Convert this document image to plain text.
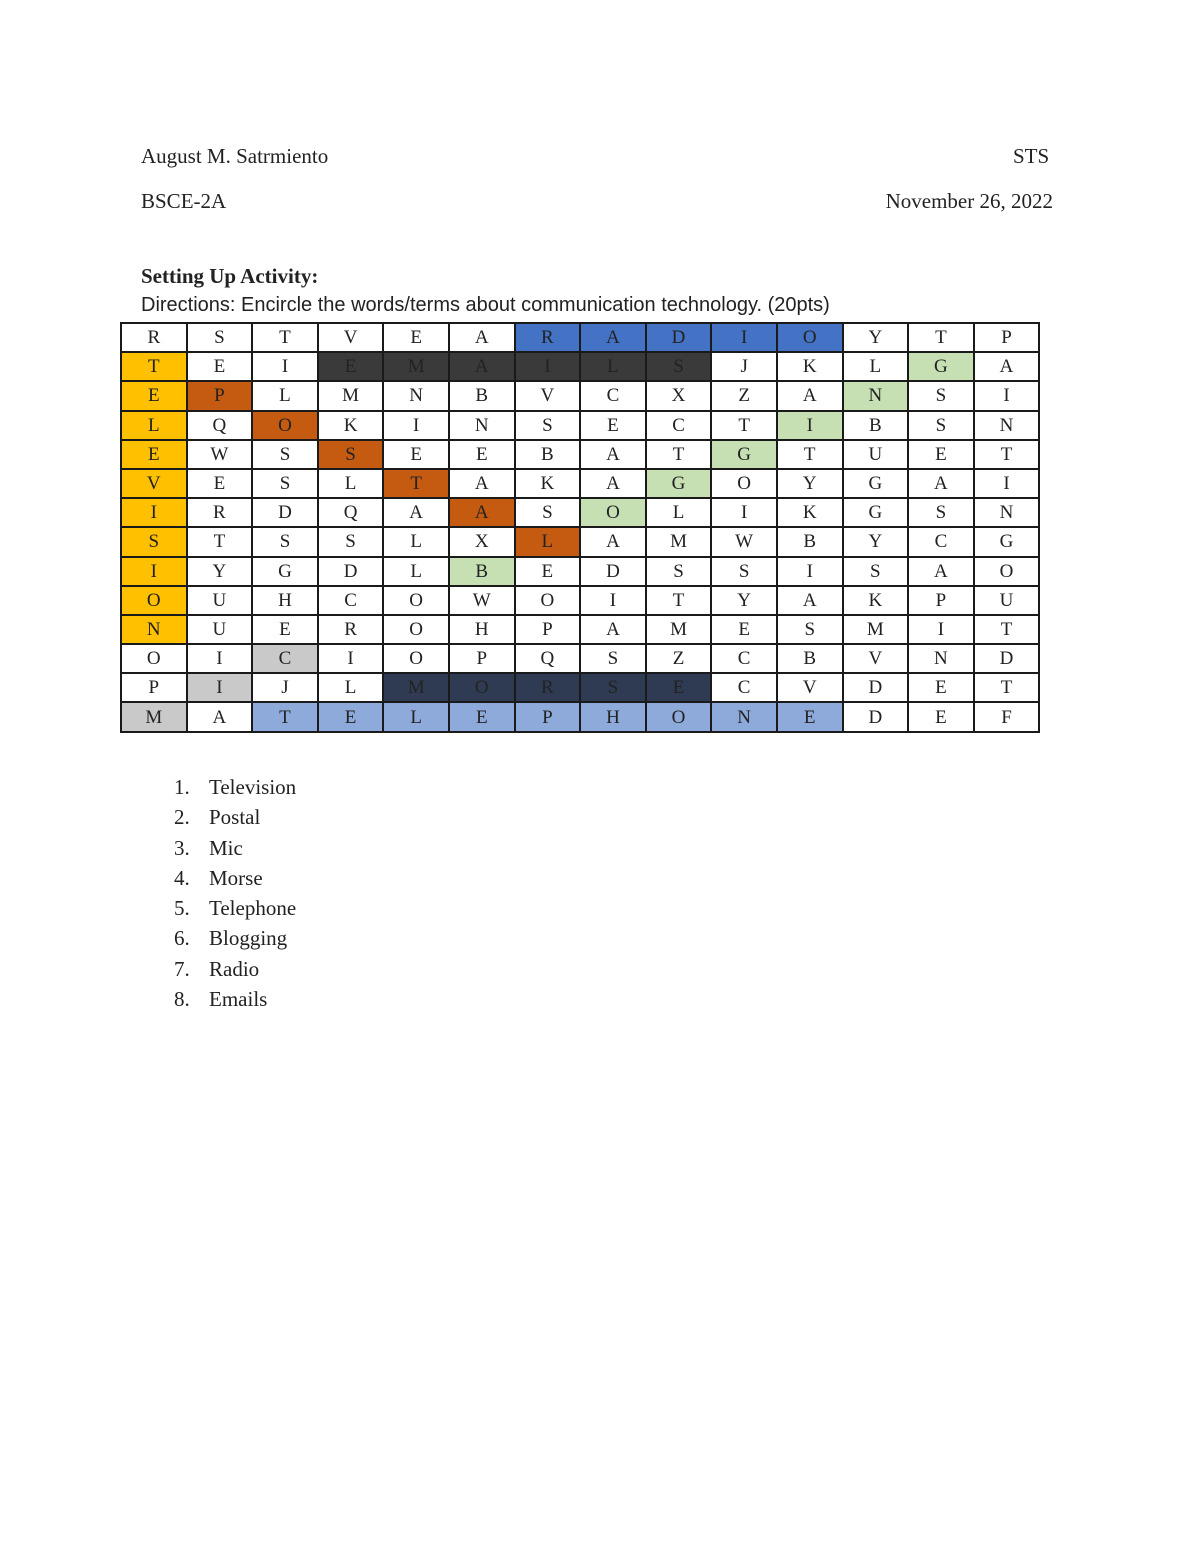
August M. Satrmiento	STS
BSCE-2A	November 26, 2022
Setting Up Activity:
Directions: Encircle the words/terms about communication technology. (20pts)
R	S	T	V	E	A	R	A	D	I	O	Y	T	P
T	E	I	E	M	A	I	L	S	J	K	L	G	A
E	P	L	M	N	B	V	C	X	Z	A	N	S	I
L	Q	O	K	I	N	S	E	C	T	I	B	S	N
E	W	S	S	E	E	B	A	T	G	T	U	E	T
V	E	S	L	T	A	K	A	G	O	Y	G	A	I
I	R	D	Q	A	A	S	O	L	I	K	G	S	N
S	T	S	S	L	X	L	A	M	W	B	Y	C	G
I	Y	G	D	L	B	E	D	S	S	I	S	A	O
O	U	H	C	O	W	O	I	T	Y	A	K	P	U
N	U	E	R	O	H	P	A	M	E	S	M	I	T
O	I	C	I	O	P	Q	S	Z	C	B	V	N	D
P	I	J	L	M	O	R	S	E	C	V	D	E	T
M	A	T	E	L	E	P	H	O	N	E	D	E	F
1. Television
2. Postal
3. Mic
4. Morse
5. Telephone
6. Blogging
7. Radio
8. Emails
